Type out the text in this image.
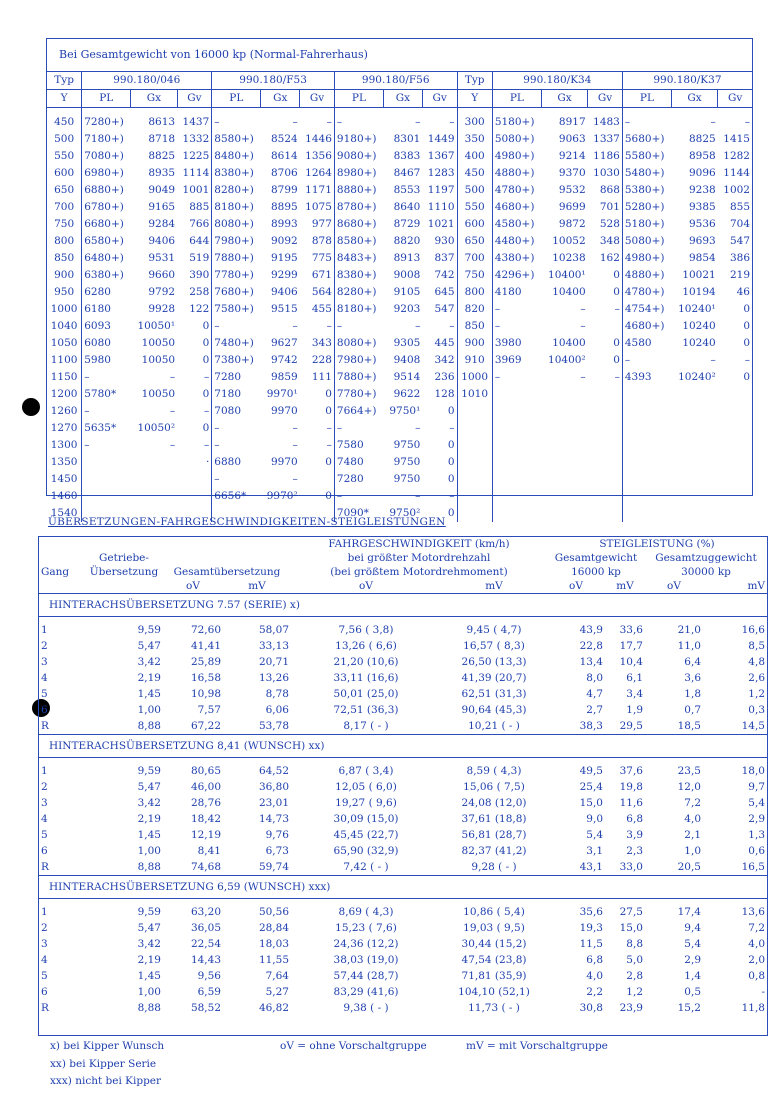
Bei Gesamtgewicht von 16000 kp (Normal-Fahrerhaus)																
Typ	990.180/046			990.180/F53			990.180/F56			Typ	990.180/K34			990.180/K37		
Y	PL	Gx	Gv	PL	Gx	Gv	PL	Gx	Gv	Y	PL	Gx	Gv	PL	Gx	Gv

450	7280+)	8613	1437	–	–	–	–	–	–	300	5180+)	8917	1483	–	–	–
500	7180+)	8718	1332	8580+)	8524	1446	9180+)	8301	1449	350	5080+)	9063	1337	5680+)	8825	1415
550	7080+)	8825	1225	8480+)	8614	1356	9080+)	8383	1367	400	4980+)	9214	1186	5580+)	8958	1282
600	6980+)	8935	1114	8380+)	8706	1264	8980+)	8467	1283	450	4880+)	9370	1030	5480+)	9096	1144
650	6880+)	9049	1001	8280+)	8799	1171	8880+)	8553	1197	500	4780+)	9532	868	5380+)	9238	1002
700	6780+)	9165	885	8180+)	8895	1075	8780+)	8640	1110	550	4680+)	9699	701	5280+)	9385	855
750	6680+)	9284	766	8080+)	8993	977	8680+)	8729	1021	600	4580+)	9872	528	5180+)	9536	704
800	6580+)	9406	644	7980+)	9092	878	8580+)	8820	930	650	4480+)	10052	348	5080+)	9693	547
850	6480+)	9531	519	7880+)	9195	775	8483+)	8913	837	700	4380+)	10238	162	4980+)	9854	386
900	6380+)	9660	390	7780+)	9299	671	8380+)	9008	742	750	4296+)	10400¹	0	4880+)	10021	219
950	6280	9792	258	7680+)	9406	564	8280+)	9105	645	800	4180	10400	0	4780+)	10194	46
1000	6180	9928	122	7580+)	9515	455	8180+)	9203	547	820	–	–	–	4754+)	10240¹	0
1040	6093	10050¹	0	–	–	–	–	–	–	850	–	–		4680+)	10240	0
1050	6080	10050	0	7480+)	9627	343	8080+)	9305	445	900	3980	10400	0	4580	10240	0
1100	5980	10050	0	7380+)	9742	228	7980+)	9408	342	910	3969	10400²	0	–	–	–
1150	–	–	–	7280	9859	111	7880+)	9514	236	1000	–	–	–	4393	10240²	0
1200	5780*	10050	0	7180	9970¹	0	7780+)	9622	128	1010						
1260	–	–	–	7080	9970	0	7664+)	9750¹	0							
1270	5635*	10050²	0	–	–	–	–	–	–							
1300	–	–	–	–	–	–	7580	9750	0							
1350			·	6880	9970	0	7480	9750	0							
1450				–	–		7280	9750	0							
1460				6656*	9970²	0	–	–	–							
1540							7090*	9750²	0							
ÜBERSETZUNGEN-FAHRGESCHWINDIGKEITEN-STEIGLEISTUNGEN
				FAHRGESCHWINDIGKEIT (km/h)		STEIGLEISTUNG (%)			
	Getriebe-			bei größter Motordrehzahl		Gesamtgewicht		Gesamtzuggewicht	
Gang	Übersetzung	Gesamtübersetzung		(bei größtem Motordrehmoment)		16000 kp		30000 kp	
		oV	mV	oV	mV	oV	mV	oV	mV
HINTERACHSÜBERSETZUNG 7.57 (SERIE) x)									

1	9,59	72,60	58,07	7,56 ( 3,8)	9,45 ( 4,7)	43,9	33,6	21,0	16,6
2	5,47	41,41	33,13	13,26 ( 6,6)	16,57 ( 8,3)	22,8	17,7	11,0	8,5
3	3,42	25,89	20,71	21,20 (10,6)	26,50 (13,3)	13,4	10,4	6,4	4,8
4	2,19	16,58	13,26	33,11 (16,6)	41,39 (20,7)	8,0	6,1	3,6	2,6
5	1,45	10,98	8,78	50,01 (25,0)	62,51 (31,3)	4,7	3,4	1,8	1,2
6	1,00	7,57	6,06	72,51 (36,3)	90,64 (45,3)	2,7	1,9	0,7	0,3
R	8,88	67,22	53,78	8,17 ( - )	10,21 ( - )	38,3	29,5	18,5	14,5
HINTERACHSÜBERSETZUNG 8,41 (WUNSCH) xx)									

1	9,59	80,65	64,52	6,87 ( 3,4)	8,59 ( 4,3)	49,5	37,6	23,5	18,0
2	5,47	46,00	36,80	12,05 ( 6,0)	15,06 ( 7,5)	25,4	19,8	12,0	9,7
3	3,42	28,76	23,01	19,27 ( 9,6)	24,08 (12,0)	15,0	11,6	7,2	5,4
4	2,19	18,42	14,73	30,09 (15,0)	37,61 (18,8)	9,0	6,8	4,0	2,9
5	1,45	12,19	9,76	45,45 (22,7)	56,81 (28,7)	5,4	3,9	2,1	1,3
6	1,00	8,41	6,73	65,90 (32,9)	82,37 (41,2)	3,1	2,3	1,0	0,6
R	8,88	74,68	59,74	7,42 ( - )	9,28 ( - )	43,1	33,0	20,5	16,5
HINTERACHSÜBERSETZUNG 6,59 (WUNSCH) xxx)									

1	9,59	63,20	50,56	8,69 ( 4,3)	10,86 ( 5,4)	35,6	27,5	17,4	13,6
2	5,47	36,05	28,84	15,23 ( 7,6)	19,03 ( 9,5)	19,3	15,0	9,4	7,2
3	3,42	22,54	18,03	24,36 (12,2)	30,44 (15,2)	11,5	8,8	5,4	4,0
4	2,19	14,43	11,55	38,03 (19,0)	47,54 (23,8)	6,8	5,0	2,9	2,0
5	1,45	9,56	7,64	57,44 (28,7)	71,81 (35,9)	4,0	2,8	1,4	0,8
6	1,00	6,59	5,27	83,29 (41,6)	104,10 (52,1)	2,2	1,2	0,5	-
R	8,88	58,52	46,82	9,38 ( - )	11,73 ( - )	30,8	23,9	15,2	11,8
x) bei Kipper Wunsch
xx) bei Kipper Serie
xxx) nicht bei Kipper
oV = ohne Vorschaltgruppe	mV = mit Vorschaltgruppe
